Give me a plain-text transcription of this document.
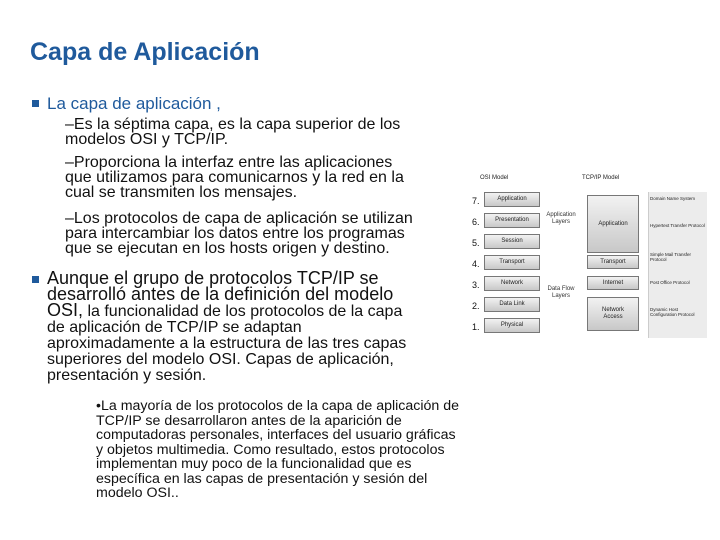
Capa de Aplicación
La capa de aplicación ,
–Es la séptima capa, es la capa superior de los
modelos OSI y TCP/IP.
–Proporciona la interfaz entre las aplicaciones
que utilizamos para comunicarnos y la red en la
cual se transmiten los mensajes.
–Los protocolos de capa de aplicación se utilizan
para intercambiar los datos entre los programas
que se ejecutan en los hosts origen y destino.
Aunque el grupo de protocolos TCP/IP se
desarrolló antes de la definición del modelo
OSI, la funcionalidad de los protocolos de la capa
de aplicación de TCP/IP se adaptan
aproximadamente a la estructura de las tres capas
superiores del modelo OSI. Capas de aplicación,
presentación y sesión.
•La mayoría de los protocolos de la capa de aplicación de TCP/IP se desarrollaron antes de la aparición de computadoras personales, interfaces del usuario gráficas y objetos multimedia. Como resultado, estos protocolos implementan muy poco de la funcionalidad que es específica en las capas de presentación y sesión del modelo OSI..
OSI Model	TCP/IP Model
7.	Application
6.	Presentation
5.	Session
4.	Transport
3.	Network
2.	Data Link
1.	Physical
Application
Layers
Data Flow
Layers
Application
Transport
Internet
Network
Access
Domain Name System
Hypertext Transfer Protocol
Simple Mail Transfer Protocol
Post Office Protocol
Dynamic Host Configuration Protocol
